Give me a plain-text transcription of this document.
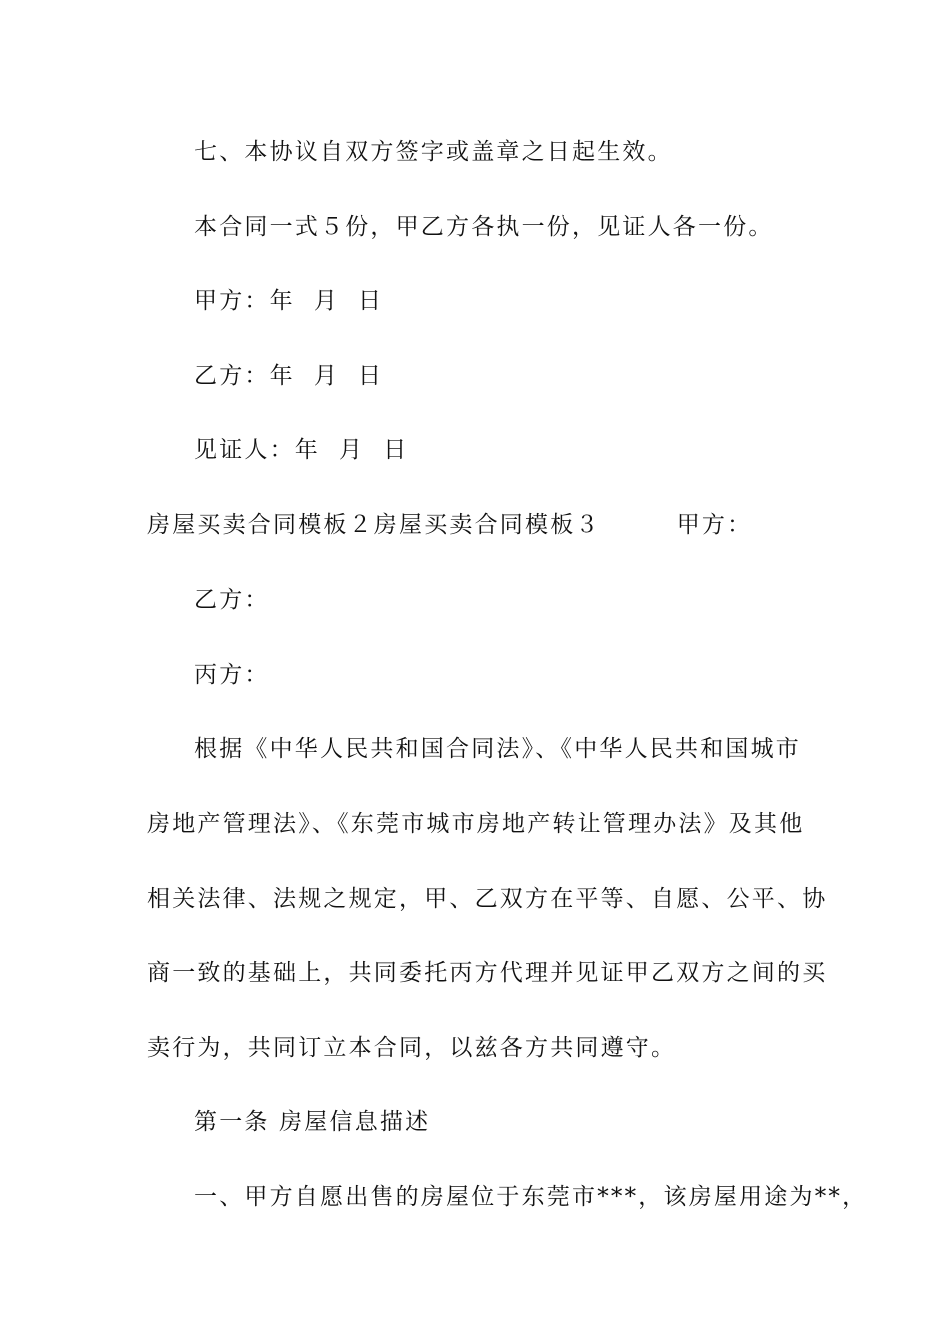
七、本协议自双方签字或盖章之日起生效。
本合同一式５份，甲乙方各执一份，见证人各一份。
甲方：年  月  日
乙方：年  月  日
见证人：年  月  日
房屋买卖合同模板２房屋买卖合同模板３        甲方：
乙方：
丙方：
根据《中华人民共和国合同法》、《中华人民共和国城市
房地产管理法》、《东莞市城市房地产转让管理办法》及其他
相关法律、法规之规定，甲、乙双方在平等、自愿、公平、协
商一致的基础上，共同委托丙方代理并见证甲乙双方之间的买
卖行为，共同订立本合同，以兹各方共同遵守。
第一条 房屋信息描述
一、甲方自愿出售的房屋位于东莞市***，该房屋用途为**，
